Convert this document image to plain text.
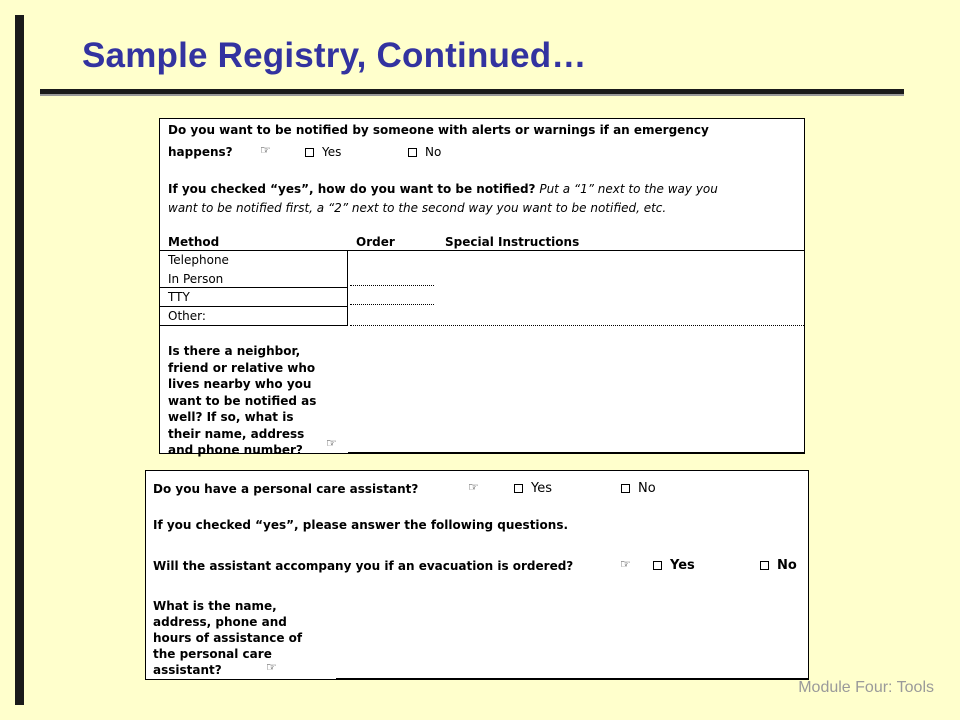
Sample Registry, Continued…
Do you want to be notified by someone with alerts or warnings if an emergency
happens? ☞	Yes	No
If you checked “yes”, how do you want to be notified? Put a “1” next to the way you
want to be notified first, a “2” next to the second way you want to be notified, etc.
Method	Order	Special Instructions
Telephone
In Person
TTY
Other:
Is there a neighbor,
friend or relative who
lives nearby who you
want to be notified as
well? If so, what is
their name, address
and phone number?	☞
Do you have a personal care assistant?	☞	Yes	No
If you checked “yes”, please answer the following questions.
Will the assistant accompany you if an evacuation is ordered?	☞	Yes	No
What is the name,
address, phone and
hours of assistance of
the personal care
assistant?	☞
Module Four: Tools
